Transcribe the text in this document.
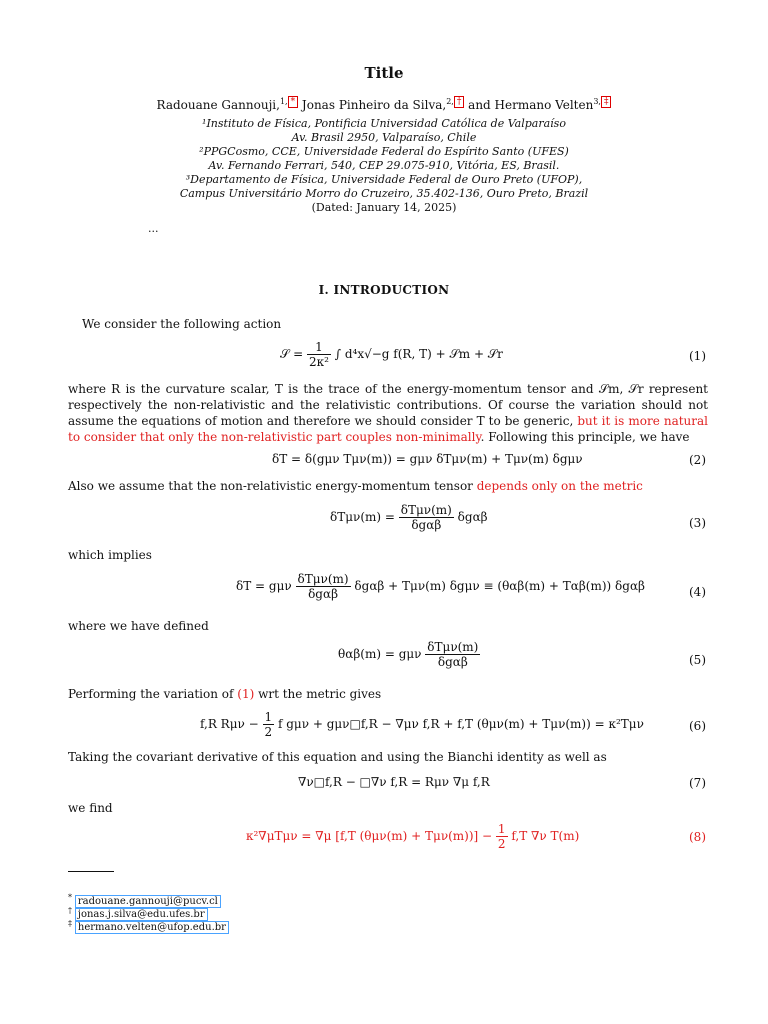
Title
Radouane Gannouji,$^{1,}$ * Jonas Pinheiro da Silva,$^{2,}$ † and Hermano Velten$^{3,}$ ‡
¹Instituto de Física, Pontificia Universidad Católica de Valparaíso
Av. Brasil 2950, Valparaíso, Chile
²PPGCosmo, CCE, Universidade Federal do Espírito Santo (UFES)
Av. Fernando Ferrari, 540, CEP 29.075-910, Vitória, ES, Brasil.
³Departamento de Física, Universidade Federal de Ouro Preto (UFOP),
Campus Universitário Morro do Cruzeiro, 35.402-136, Ouro Preto, Brazil
(Dated: January 14, 2025)
...
I. INTRODUCTION
We consider the following action
𝒮 = $\frac{1}{\text{2κ²}}$ ∫ d⁴x√−g f(R, T) + 𝒮m + 𝒮r	(1)
where R is the curvature scalar, T is the trace of the energy-momentum tensor and 𝒮m, 𝒮r represent respectively the non-relativistic and the relativistic contributions. Of course the variation should not assume the equations of motion and therefore we should consider T to be generic, but it is more natural to consider that only the non-relativistic part couples non-minimally. Following this principle, we have
δT = δ(gμν Tμν(m)) = gμν δTμν(m) + Tμν(m) δgμν	(2)
Also we assume that the non-relativistic energy-momentum tensor depends only on the metric
$\delta T\mu\nu(m) = \frac{\text{δTμν(m)}}{\text{δgαβ}}$ δgαβ	(3)
which implies
δT = gμν $\frac{\text{δTμν(m)}}{\text{δgαβ}}$ δgαβ + Tμν(m) δgμν ≡ (θαβ(m) + Tαβ(m)) δgαβ	(4)
where we have defined
θαβ(m) = gμν $\frac{\text{δTμν(m)}}{\text{δgαβ}}$	(5)
Performing the variation of (1) wrt the metric gives
f,R $R\mu\nu - \frac{1}{2}$ f gμν + gμν□f,R − ∇μν f,R + f,T (θμν(m) + Tμν(m)) = κ²Tμν	(6)
Taking the covariant derivative of this equation and using the Bianchi identity as well as
∇ν□f,R − □∇ν f,R = Rμν ∇μ f,R	(7)
we find
κ²∇μTμν = ∇μ [f,T $(\theta\mu\nu(m) + T\mu\nu(m))] - \frac{1}{2} f,T$ ∇ν T(m)	(8)
* radouane.gannouji@pucv.cl
† jonas.j.silva@edu.ufes.br
‡ hermano.velten@ufop.edu.br
